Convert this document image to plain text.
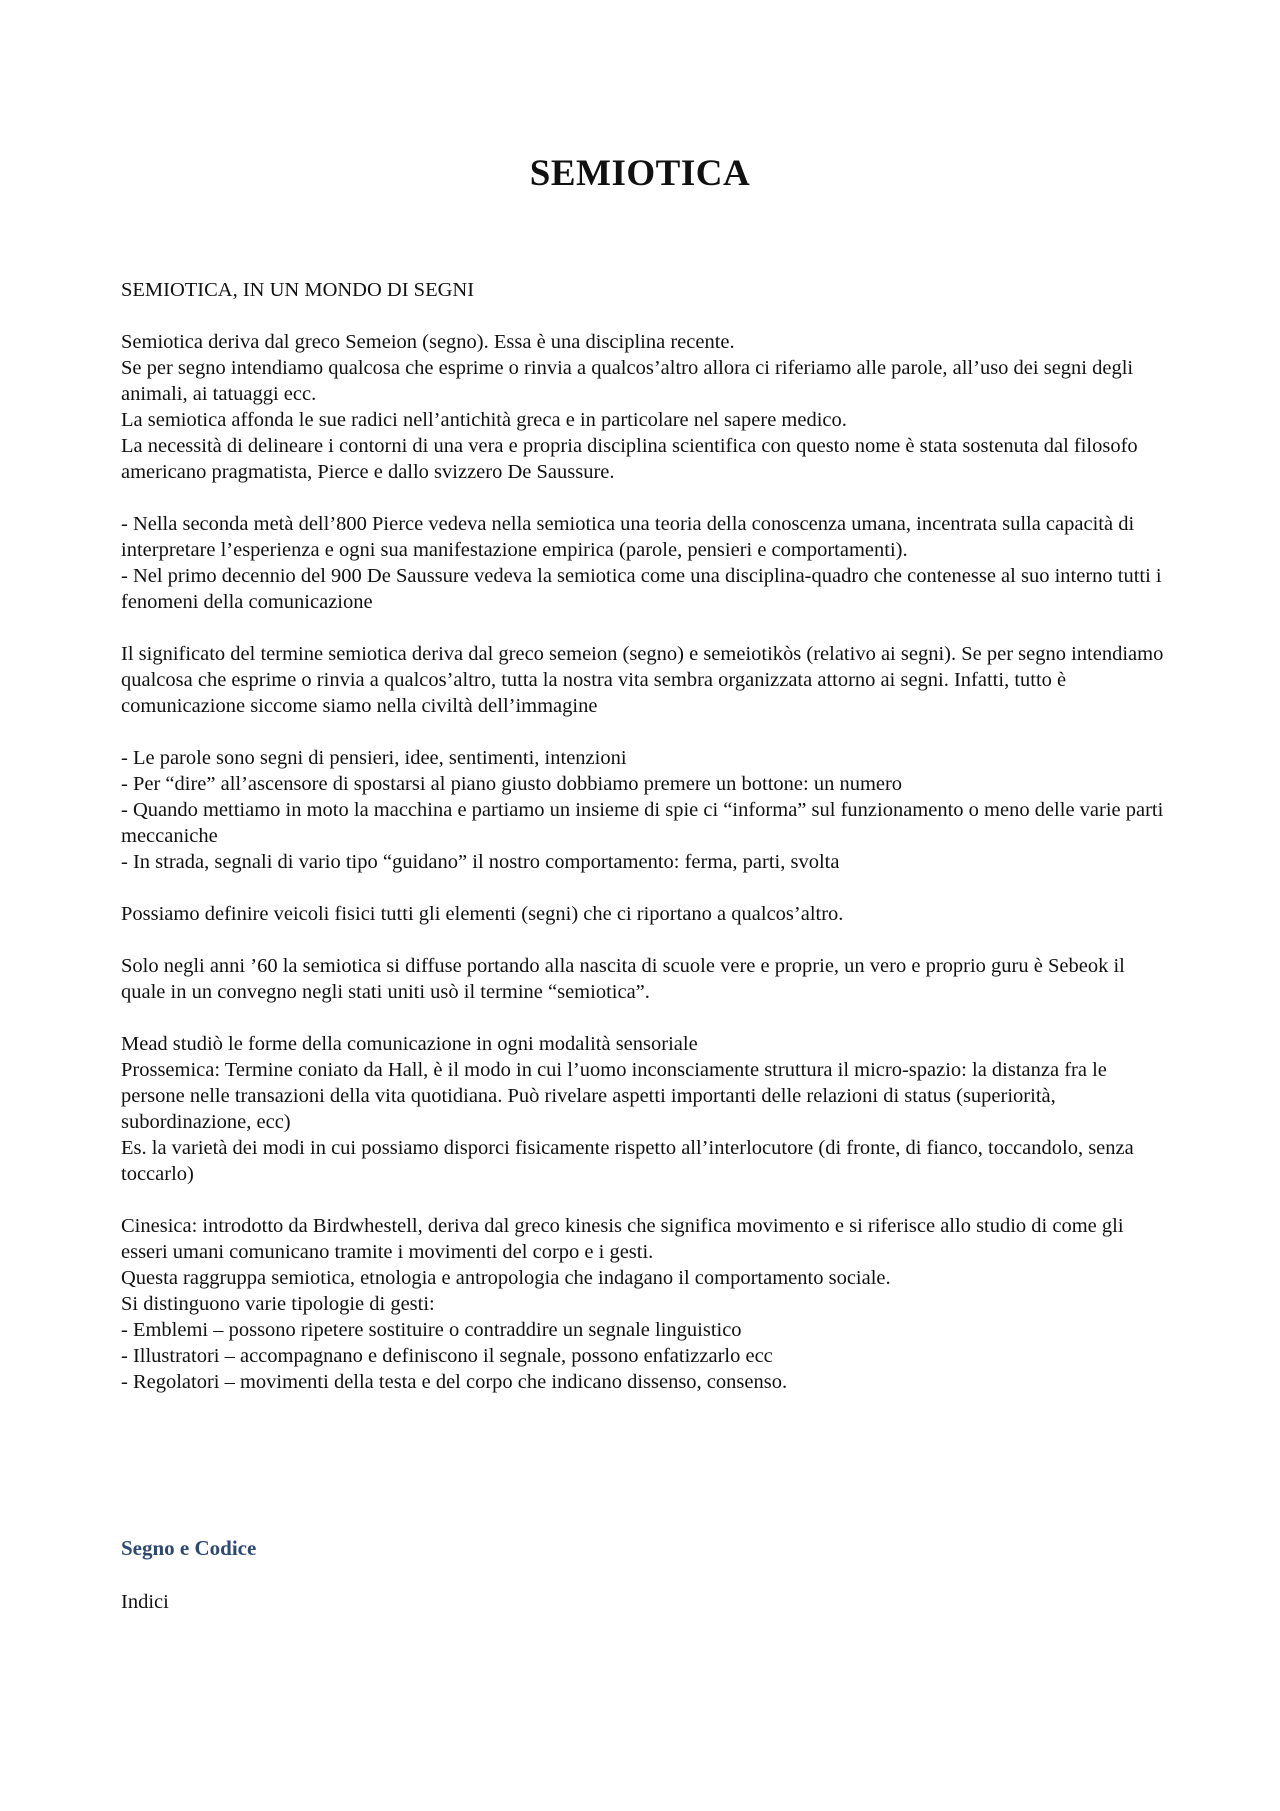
SEMIOTICA

SEMIOTICA, IN UN MONDO DI SEGNI

Semiotica deriva dal greco Semeion (segno). Essa è una disciplina recente.

Se per segno intendiamo qualcosa che esprime o rinvia a qualcos’altro allora ci riferiamo alle parole, all’uso dei segni degli animali, ai tatuaggi ecc.

La semiotica affonda le sue radici nell’antichità greca e in particolare nel sapere medico.

La necessità di delineare i contorni di una vera e propria disciplina scientifica con questo nome è stata sostenuta dal filosofo americano pragmatista, Pierce e dallo svizzero De Saussure.

- Nella seconda metà dell’800 Pierce vedeva nella semiotica una teoria della conoscenza umana, incentrata sulla capacità di interpretare l’esperienza e ogni sua manifestazione empirica (parole, pensieri e comportamenti).

- Nel primo decennio del 900 De Saussure vedeva la semiotica come una disciplina-quadro che contenesse al suo interno tutti i fenomeni della comunicazione

Il significato del termine semiotica deriva dal greco semeion (segno) e semeiotikòs (relativo ai segni). Se per segno intendiamo qualcosa che esprime o rinvia a qualcos’altro, tutta la nostra vita sembra organizzata attorno ai segni. Infatti, tutto è comunicazione siccome siamo nella civiltà dell’immagine

- Le parole sono segni di pensieri, idee, sentimenti, intenzioni

- Per “dire” all’ascensore di spostarsi al piano giusto dobbiamo premere un bottone: un numero

- Quando mettiamo in moto la macchina e partiamo un insieme di spie ci “informa” sul funzionamento o meno delle varie parti meccaniche

- In strada, segnali di vario tipo “guidano” il nostro comportamento: ferma, parti, svolta

Possiamo definire veicoli fisici tutti gli elementi (segni) che ci riportano a qualcos’altro.

Solo negli anni ’60 la semiotica si diffuse portando alla nascita di scuole vere e proprie, un vero e proprio guru è Sebeok il quale in un convegno negli stati uniti usò il termine “semiotica”.

Mead studiò le forme della comunicazione in ogni modalità sensoriale

Prossemica: Termine coniato da Hall, è il modo in cui l’uomo inconsciamente struttura il micro-spazio: la distanza fra le persone nelle transazioni della vita quotidiana. Può rivelare aspetti importanti delle relazioni di status (superiorità, subordinazione, ecc)

Es. la varietà dei modi in cui possiamo disporci fisicamente rispetto all’interlocutore (di fronte, di fianco, toccandolo, senza toccarlo)

Cinesica: introdotto da Birdwhestell, deriva dal greco kinesis che significa movimento e si riferisce allo studio di come gli esseri umani comunicano tramite i movimenti del corpo e i gesti.

Questa raggruppa semiotica, etnologia e antropologia che indagano il comportamento sociale.

Si distinguono varie tipologie di gesti:

- Emblemi – possono ripetere sostituire o contraddire un segnale linguistico

- Illustratori – accompagnano e definiscono il segnale, possono enfatizzarlo ecc

- Regolatori – movimenti della testa e del corpo che indicano dissenso, consenso.

Segno e Codice

Indici
